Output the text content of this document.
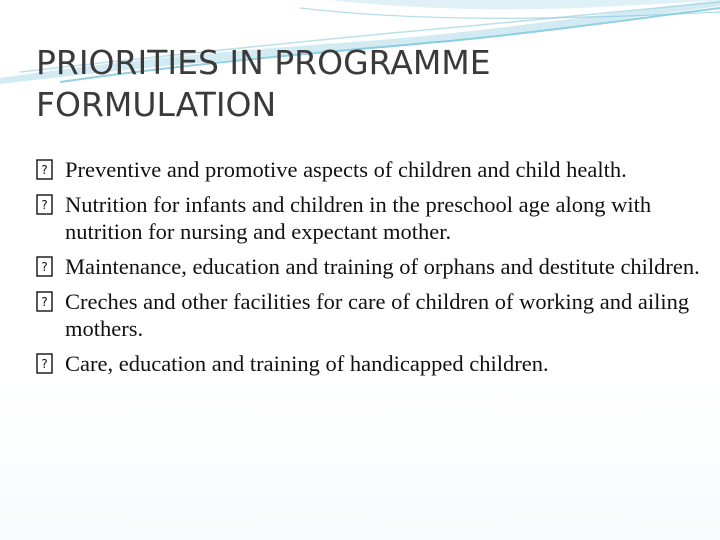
PRIORITIES IN PROGRAMME
FORMULATION
? Preventive and promotive aspects of children and child health.
? Nutrition for infants and children in the preschool age along with nutrition for nursing and expectant mother.
? Maintenance, education and training of orphans and destitute children.
? Creches and other facilities for care of children of working and ailing mothers.
? Care, education and training of handicapped children.
